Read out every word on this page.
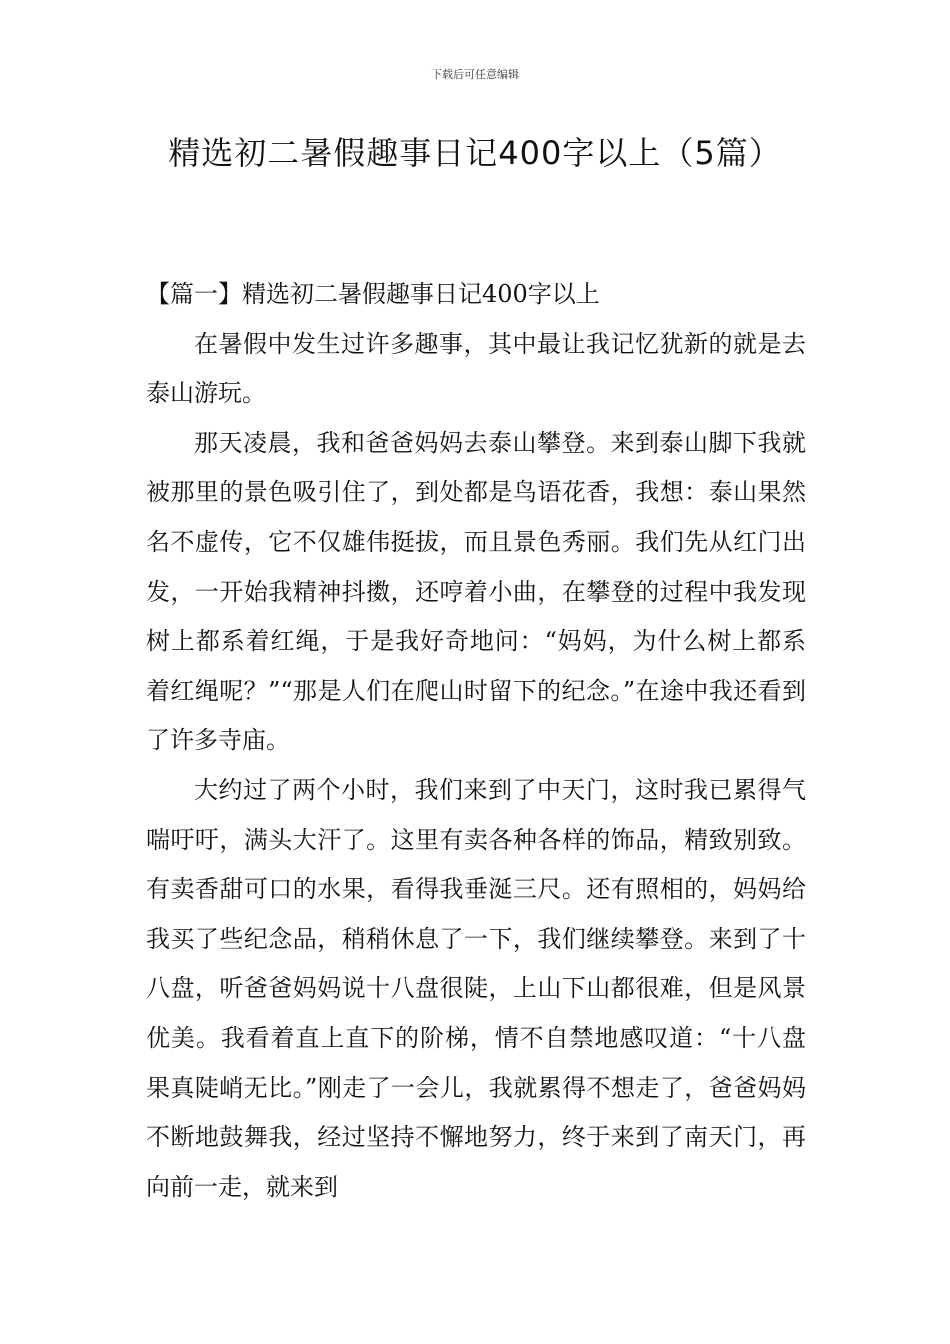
下载后可任意编辑
精选初二暑假趣事日记400字以上（5篇）
【篇一】精选初二暑假趣事日记400字以上

在暑假中发生过许多趣事，其中最让我记忆犹新的就是去泰山游玩。

那天凌晨，我和爸爸妈妈去泰山攀登。来到泰山脚下我就被那里的景色吸引住了，到处都是鸟语花香，我想：泰山果然名不虚传，它不仅雄伟挺拔，而且景色秀丽。我们先从红门出发，一开始我精神抖擞，还哼着小曲，在攀登的过程中我发现树上都系着红绳，于是我好奇地问：“妈妈，为什么树上都系着红绳呢？”“那是人们在爬山时留下的纪念。”在途中我还看到了许多寺庙。

大约过了两个小时，我们来到了中天门，这时我已累得气喘吁吁，满头大汗了。这里有卖各种各样的饰品，精致别致。有卖香甜可口的水果，看得我垂涎三尺。还有照相的，妈妈给我买了些纪念品，稍稍休息了一下，我们继续攀登。来到了十八盘，听爸爸妈妈说十八盘很陡，上山下山都很难，但是风景优美。我看着直上直下的阶梯，情不自禁地感叹道：“十八盘果真陡峭无比。”刚走了一会儿，我就累得不想走了，爸爸妈妈不断地鼓舞我，经过坚持不懈地努力，终于来到了南天门，再向前一走，就来到
